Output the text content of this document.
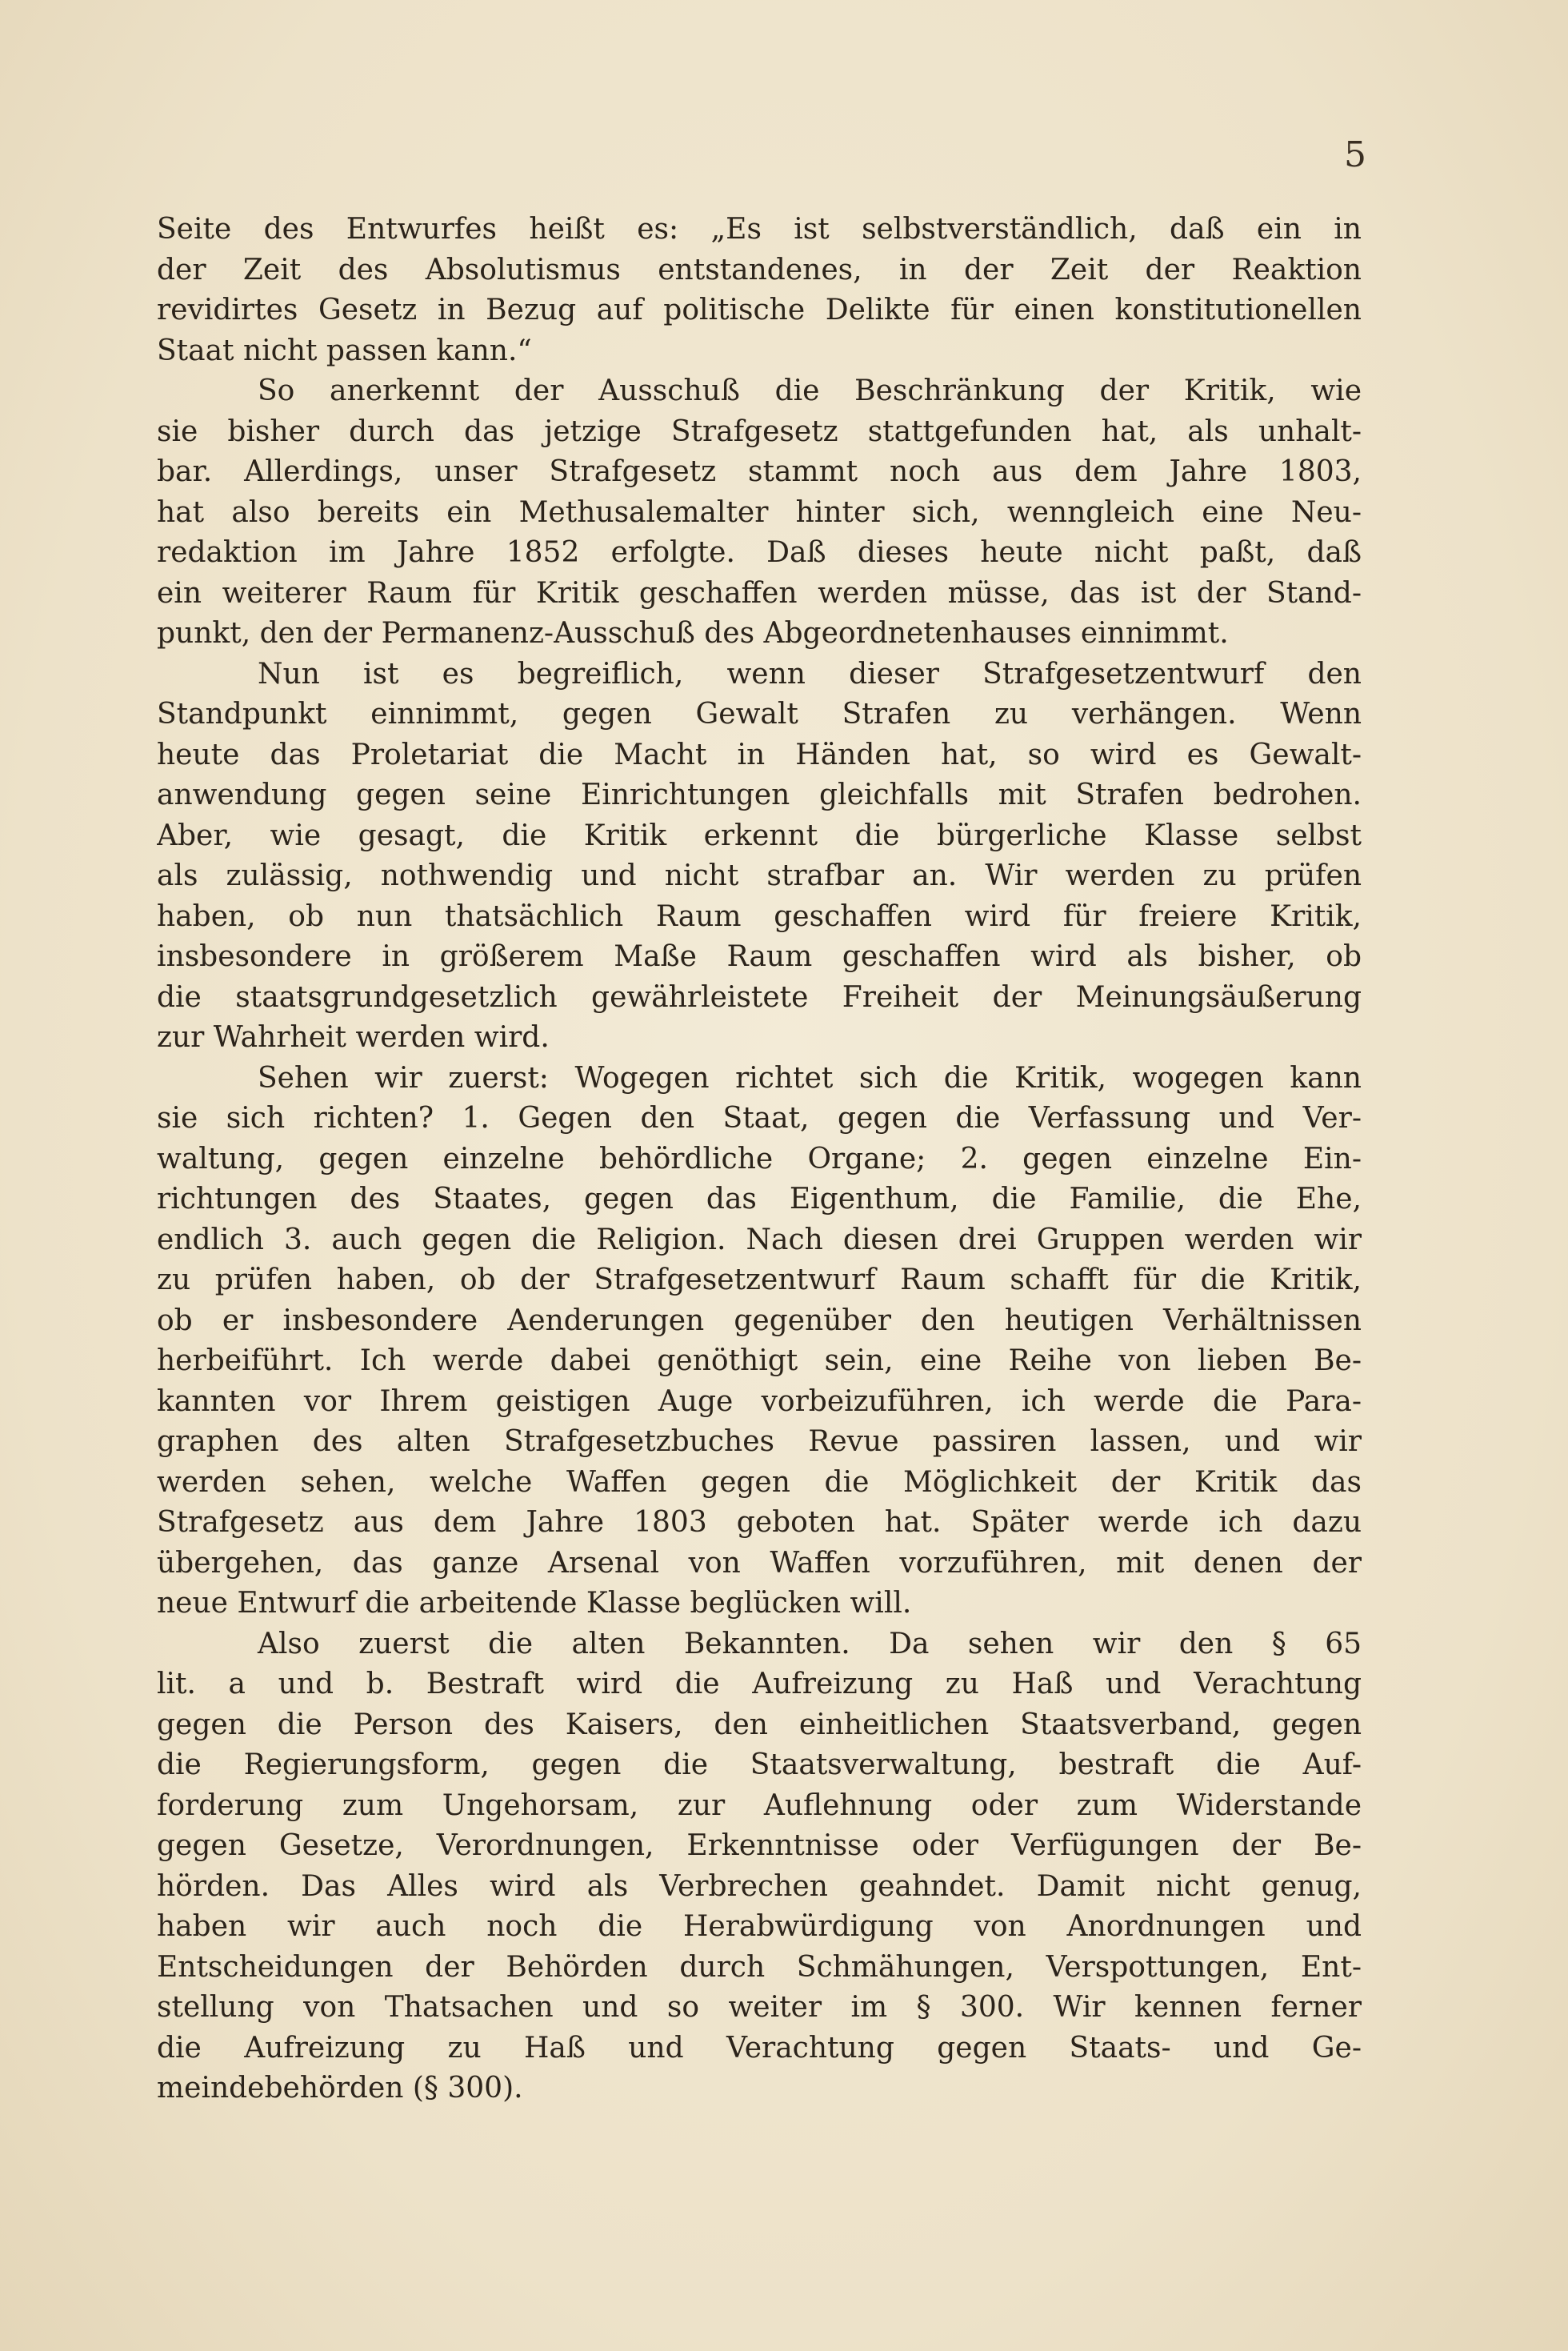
5
Seite des Entwurfes heißt es: „Es ist selbstverständlich, daß ein in
der Zeit des Absolutismus entstandenes, in der Zeit der Reaktion
revidirtes Gesetz in Bezug auf politische Delikte für einen konstitutionellen
Staat nicht passen kann.“
So anerkennt der Ausschuß die Beschränkung der Kritik, wie
sie bisher durch das jetzige Strafgesetz stattgefunden hat, als unhalt-
bar. Allerdings, unser Strafgesetz stammt noch aus dem Jahre 1803,
hat also bereits ein Methusalemalter hinter sich, wenngleich eine Neu-
redaktion im Jahre 1852 erfolgte. Daß dieses heute nicht paßt, daß
ein weiterer Raum für Kritik geschaffen werden müsse, das ist der Stand-
punkt, den der Permanenz-Ausschuß des Abgeordnetenhauses einnimmt.
Nun ist es begreiflich, wenn dieser Strafgesetzentwurf den
Standpunkt einnimmt, gegen Gewalt Strafen zu verhängen. Wenn
heute das Proletariat die Macht in Händen hat, so wird es Gewalt-
anwendung gegen seine Einrichtungen gleichfalls mit Strafen bedrohen.
Aber, wie gesagt, die Kritik erkennt die bürgerliche Klasse selbst
als zulässig, nothwendig und nicht strafbar an. Wir werden zu prüfen
haben, ob nun thatsächlich Raum geschaffen wird für freiere Kritik,
insbesondere in größerem Maße Raum geschaffen wird als bisher, ob
die staatsgrundgesetzlich gewährleistete Freiheit der Meinungsäußerung
zur Wahrheit werden wird.
Sehen wir zuerst: Wogegen richtet sich die Kritik, wogegen kann
sie sich richten? 1. Gegen den Staat, gegen die Verfassung und Ver-
waltung, gegen einzelne behördliche Organe; 2. gegen einzelne Ein-
richtungen des Staates, gegen das Eigenthum, die Familie, die Ehe,
endlich 3. auch gegen die Religion. Nach diesen drei Gruppen werden wir
zu prüfen haben, ob der Strafgesetzentwurf Raum schafft für die Kritik,
ob er insbesondere Aenderungen gegenüber den heutigen Verhältnissen
herbeiführt. Ich werde dabei genöthigt sein, eine Reihe von lieben Be-
kannten vor Ihrem geistigen Auge vorbeizuführen, ich werde die Para-
graphen des alten Strafgesetzbuches Revue passiren lassen, und wir
werden sehen, welche Waffen gegen die Möglichkeit der Kritik das
Strafgesetz aus dem Jahre 1803 geboten hat. Später werde ich dazu
übergehen, das ganze Arsenal von Waffen vorzuführen, mit denen der
neue Entwurf die arbeitende Klasse beglücken will.
Also zuerst die alten Bekannten. Da sehen wir den § 65
lit. a und b. Bestraft wird die Aufreizung zu Haß und Verachtung
gegen die Person des Kaisers, den einheitlichen Staatsverband, gegen
die Regierungsform, gegen die Staatsverwaltung, bestraft die Auf-
forderung zum Ungehorsam, zur Auflehnung oder zum Widerstande
gegen Gesetze, Verordnungen, Erkenntnisse oder Verfügungen der Be-
hörden. Das Alles wird als Verbrechen geahndet. Damit nicht genug,
haben wir auch noch die Herabwürdigung von Anordnungen und
Entscheidungen der Behörden durch Schmähungen, Verspottungen, Ent-
stellung von Thatsachen und so weiter im § 300. Wir kennen ferner
die Aufreizung zu Haß und Verachtung gegen Staats- und Ge-
meindebehörden (§ 300).
